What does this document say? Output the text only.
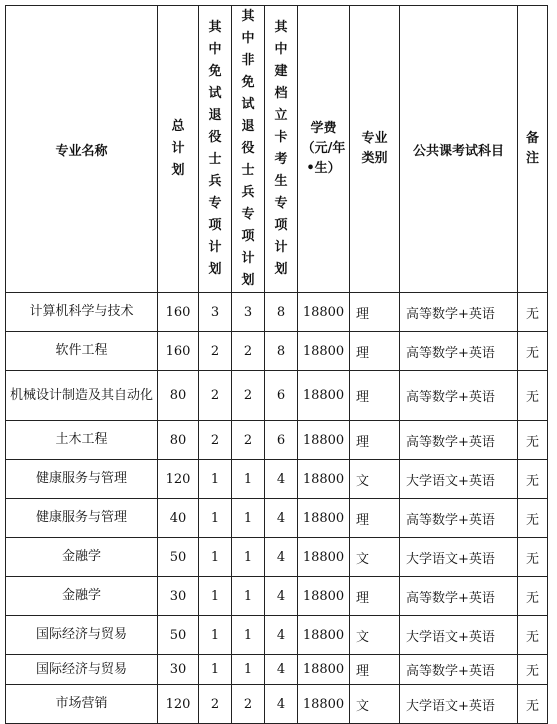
专业名称	总计划	其中免试退役士兵专项计划	其中非免试退役士兵专项计划	其中建档立卡考生专项计划	学费（元/年•生）	专业类别	公共课考试科目	备注
计算机科学与技术	160	3	3	8	18800	理	高等数学+英语	无
软件工程	160	2	2	8	18800	理	高等数学+英语	无
机械设计制造及其自动化	80	2	2	6	18800	理	高等数学+英语	无
土木工程	80	2	2	6	18800	理	高等数学+英语	无
健康服务与管理	120	1	1	4	18800	文	大学语文+英语	无
健康服务与管理	40	1	1	4	18800	理	高等数学+英语	无
金融学	50	1	1	4	18800	文	大学语文+英语	无
金融学	30	1	1	4	18800	理	高等数学+英语	无
国际经济与贸易	50	1	1	4	18800	文	大学语文+英语	无
国际经济与贸易	30	1	1	4	18800	理	高等数学+英语	无
市场营销	120	2	2	4	18800	文	大学语文+英语	无
